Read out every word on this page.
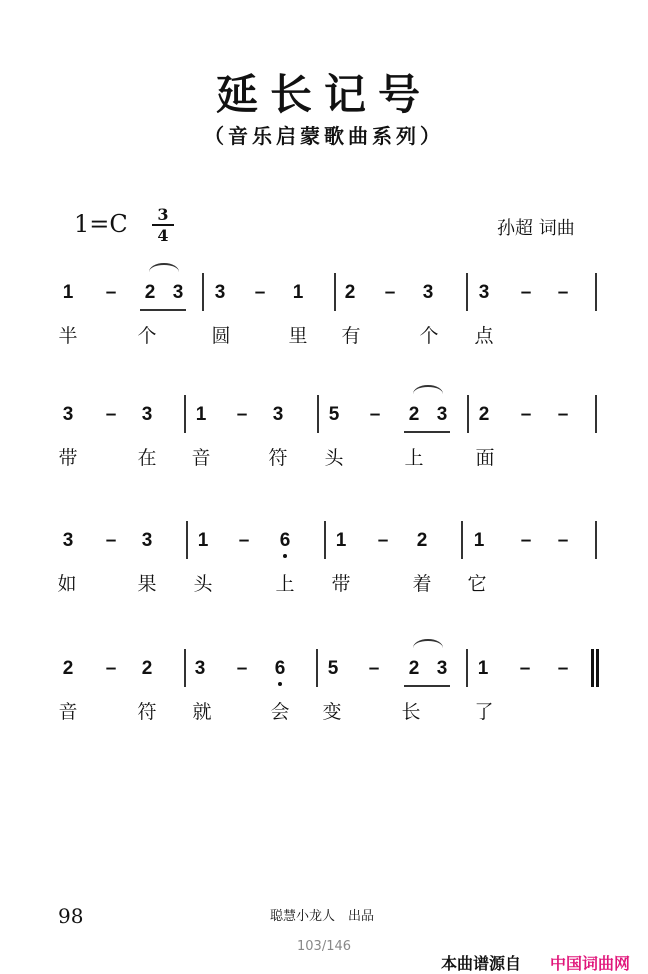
延长记号
（音乐启蒙歌曲系列）
1=C	3
4	孙超 词曲
1 – 2 3 3 – 1 2 – 3 3 – –
半	个	圆	里 有	个 点
3 – 3 1 – 3 5 – 2 3 2 – –
带	在 音	符 头	上	面
3 – 3 1 – 6 1 – 2 1 – –
如	果 头	上 带	着 它
2 – 2 3 – 6 5 – 2 3 1 – –
音	符 就	会 变	长	了
98	聪慧小龙人　出品
103/146
本曲谱源自 中国词曲网
